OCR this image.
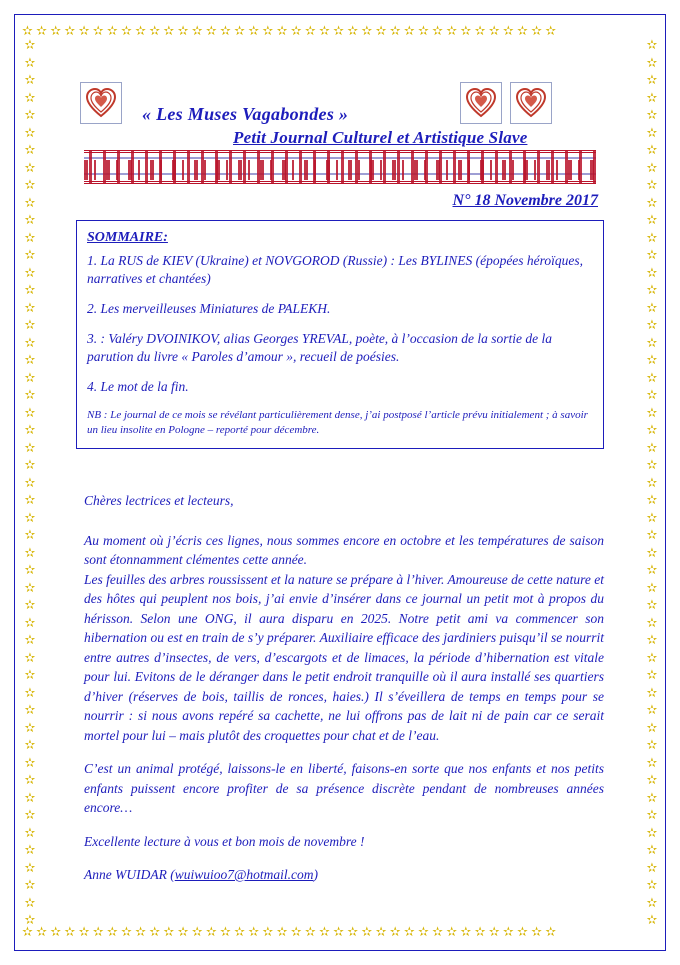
✫ ✫ ✫ ✫ ✫ ✫ ✫ ✫ ✫ ✫ ✫ ✫ ✫ ✫ ✫ ✫ ✫ ✫ ✫ ✫ ✫ ✫ ✫ ✫ ✫ ✫ ✫ ✫ ✫ ✫ ✫ ✫ ✫ ✫ ✫ ✫ ✫ ✫
✫ ✫ ✫ ✫ ✫ ✫ ✫ ✫ ✫ ✫ ✫ ✫ ✫ ✫ ✫ ✫ ✫ ✫ ✫ ✫ ✫ ✫ ✫ ✫ ✫ ✫ ✫ ✫ ✫ ✫ ✫ ✫ ✫ ✫ ✫ ✫ ✫ ✫
✫
✫
✫
✫
✫
✫
✫
✫
✫
✫
✫
✫
✫
✫
✫
✫
✫
✫
✫
✫
✫
✫
✫
✫
✫
✫
✫
✫
✫
✫
✫
✫
✫
✫
✫
✫
✫
✫
✫
✫
✫
✫
✫
✫
✫
✫
✫
✫
✫
✫
✫
✫
✫
✫
✫
✫
✫
✫
✫
✫
✫
✫
✫
✫
✫
✫
✫
✫
✫
✫
✫
✫
✫
✫
✫
✫
✫
✫
✫
✫
✫
✫
✫
✫
✫
✫
✫
✫
✫
✫
✫
✫
✫
✫
✫
✫
✫
✫
✫
✫
✫
✫
« Les Muses Vagabondes »
Petit Journal Culturel et Artistique Slave
N° 18 Novembre 2017
SOMMAIRE:
1. La RUS de KIEV (Ukraine) et NOVGOROD (Russie) : Les BYLINES (épopées héroïques, narratives et chantées)
2. Les merveilleuses Miniatures de PALEKH.
3. : Valéry DVOINIKOV, alias Georges YREVAL, poète, à l’occasion de la sortie de la parution du livre « Paroles d’amour », recueil de poésies.
4. Le mot de la fin.
NB : Le journal de ce mois se révélant particulièrement dense, j’ai postposé l’article prévu initialement ; à savoir un lieu insolite en Pologne – reporté pour décembre.

Chères lectrices et lecteurs,

Au moment où j’écris ces lignes, nous sommes encore en octobre et les températures de saison sont étonnamment clémentes cette année.

Les feuilles des arbres roussissent et la nature se prépare à l’hiver. Amoureuse de cette nature et des hôtes qui peuplent nos bois, j’ai envie d’insérer dans ce journal un petit mot à propos du hérisson. Selon une ONG, il aura disparu en 2025. Notre petit ami va commencer son hibernation ou est en train de s’y préparer. Auxiliaire efficace des jardiniers puisqu’il se nourrit entre autres d’insectes, de vers, d’escargots et de limaces, la période d’hibernation est vitale pour lui. Evitons de le déranger dans le petit endroit tranquille où il aura installé ses quartiers d’hiver (réserves de bois, taillis de ronces, haies.) Il s’éveillera de temps en temps pour se nourrir : si nous avons repéré sa cachette, ne lui offrons pas de lait ni de pain car ce serait mortel pour lui – mais plutôt des croquettes pour chat et de l’eau.

C’est un animal protégé, laissons-le en liberté, faisons-en sorte que nos enfants et nos petits enfants puissent encore profiter de sa présence discrète pendant de nombreuses années encore…

Excellente lecture à vous et bon mois de novembre !

Anne WUIDAR (wuiwuioo7@hotmail.com)
